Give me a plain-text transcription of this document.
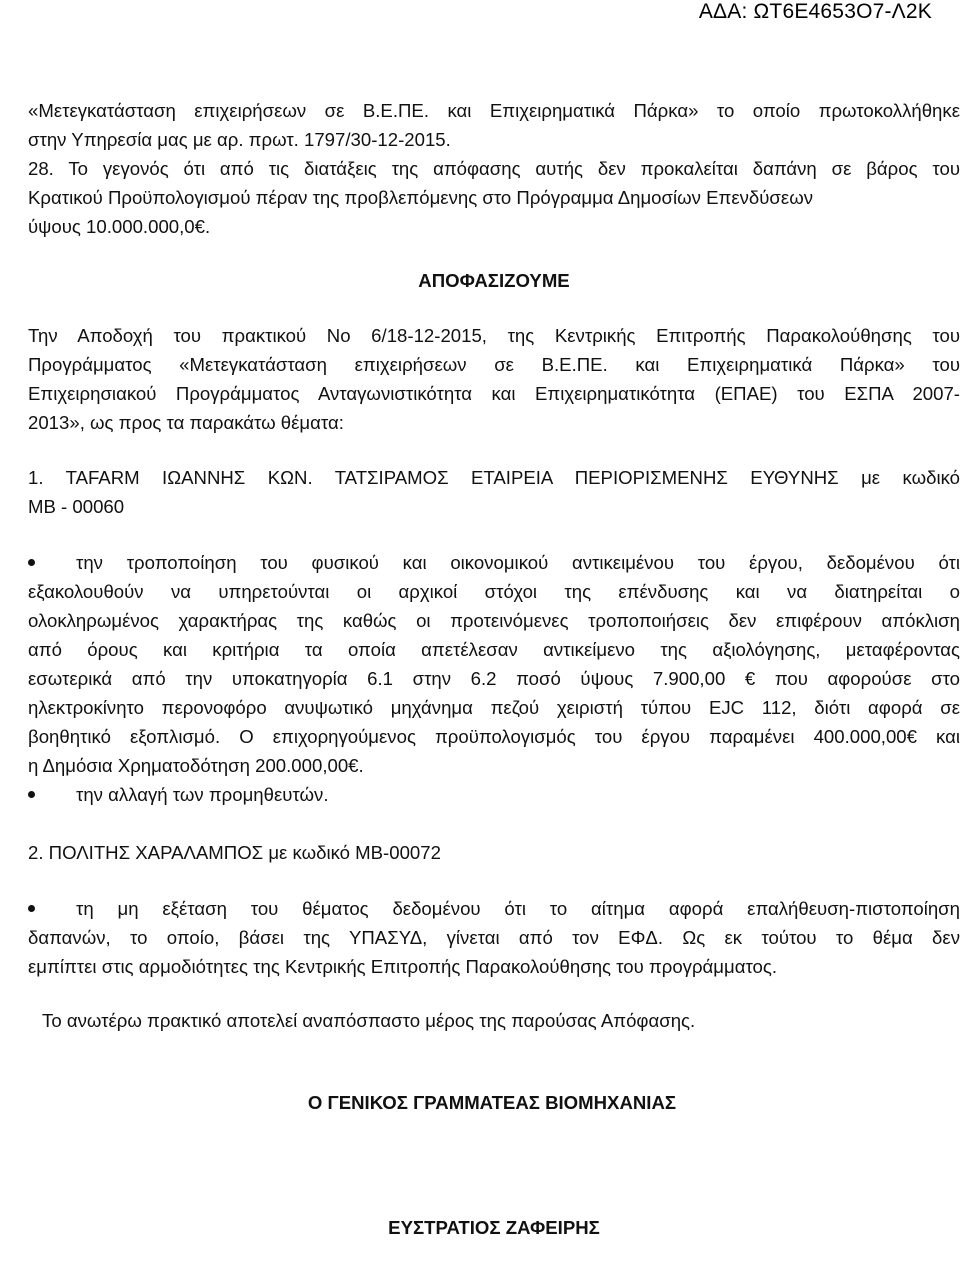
ΑΔΑ: ΩΤ6Ε4653Ο7-Λ2Κ
«Μετεγκατάσταση επιχειρήσεων σε Β.Ε.ΠΕ. και Επιχειρηματικά Πάρκα» το οποίο πρωτοκολλήθηκε
στην Υπηρεσία μας με αρ. πρωτ. 1797/30-12-2015.
28. Το γεγονός ότι από τις διατάξεις της απόφασης αυτής δεν προκαλείται δαπάνη σε βάρος του
Κρατικού Προϋπολογισμού πέραν της προβλεπόμενης στο Πρόγραμμα Δημοσίων Επενδύσεων
ύψους 10.000.000,0€.
ΑΠΟΦΑΣΙΖΟΥΜΕ
Την Αποδοχή του πρακτικού Νο 6/18-12-2015, της Κεντρικής Επιτροπής Παρακολούθησης του
Προγράμματος «Μετεγκατάσταση επιχειρήσεων σε Β.Ε.ΠΕ. και Επιχειρηματικά Πάρκα» του
Επιχειρησιακού Προγράμματος Ανταγωνιστικότητα και Επιχειρηματικότητα (ΕΠΑΕ) του ΕΣΠΑ 2007-
2013», ως προς τα παρακάτω θέματα:
1. TAFARM ΙΩΑΝΝΗΣ ΚΩΝ. ΤΑΤΣΙΡΑΜΟΣ ΕΤΑΙΡΕΙΑ ΠΕΡΙΟΡΙΣΜΕΝΗΣ ΕΥΘΥΝΗΣ με κωδικό
ΜΒ - 00060
την τροποποίηση του φυσικού και οικονομικού αντικειμένου του έργου, δεδομένου ότι
εξακολουθούν να υπηρετούνται οι αρχικοί στόχοι της επένδυσης και να διατηρείται ο
ολοκληρωμένος χαρακτήρας της καθώς οι προτεινόμενες τροποποιήσεις δεν επιφέρουν απόκλιση
από όρους και κριτήρια τα οποία απετέλεσαν αντικείμενο της αξιολόγησης, μεταφέροντας
εσωτερικά από την υποκατηγορία 6.1 στην 6.2 ποσό ύψους 7.900,00 € που αφορούσε στο
ηλεκτροκίνητο περονοφόρο ανυψωτικό μηχάνημα πεζού χειριστή τύπου EJC 112, διότι αφορά σε
βοηθητικό εξοπλισμό. Ο επιχορηγούμενος προϋπολογισμός του έργου παραμένει 400.000,00€ και
η Δημόσια Χρηματοδότηση 200.000,00€.
την αλλαγή των προμηθευτών.
2. ΠΟΛΙΤΗΣ ΧΑΡΑΛΑΜΠΟΣ με κωδικό ΜΒ-00072
τη μη εξέταση του θέματος δεδομένου ότι το αίτημα αφορά επαλήθευση-πιστοποίηση
δαπανών, το οποίο, βάσει της ΥΠΑΣΥΔ, γίνεται από τον ΕΦΔ. Ως εκ τούτου το θέμα δεν
εμπίπτει στις αρμοδιότητες της Κεντρικής Επιτροπής Παρακολούθησης του προγράμματος.
Το ανωτέρω πρακτικό αποτελεί αναπόσπαστο μέρος της παρούσας Απόφασης.
Ο ΓΕΝΙΚΟΣ ΓΡΑΜΜΑΤΕΑΣ ΒΙΟΜΗΧΑΝΙΑΣ
ΕΥΣΤΡΑΤΙΟΣ ΖΑΦΕΙΡΗΣ
